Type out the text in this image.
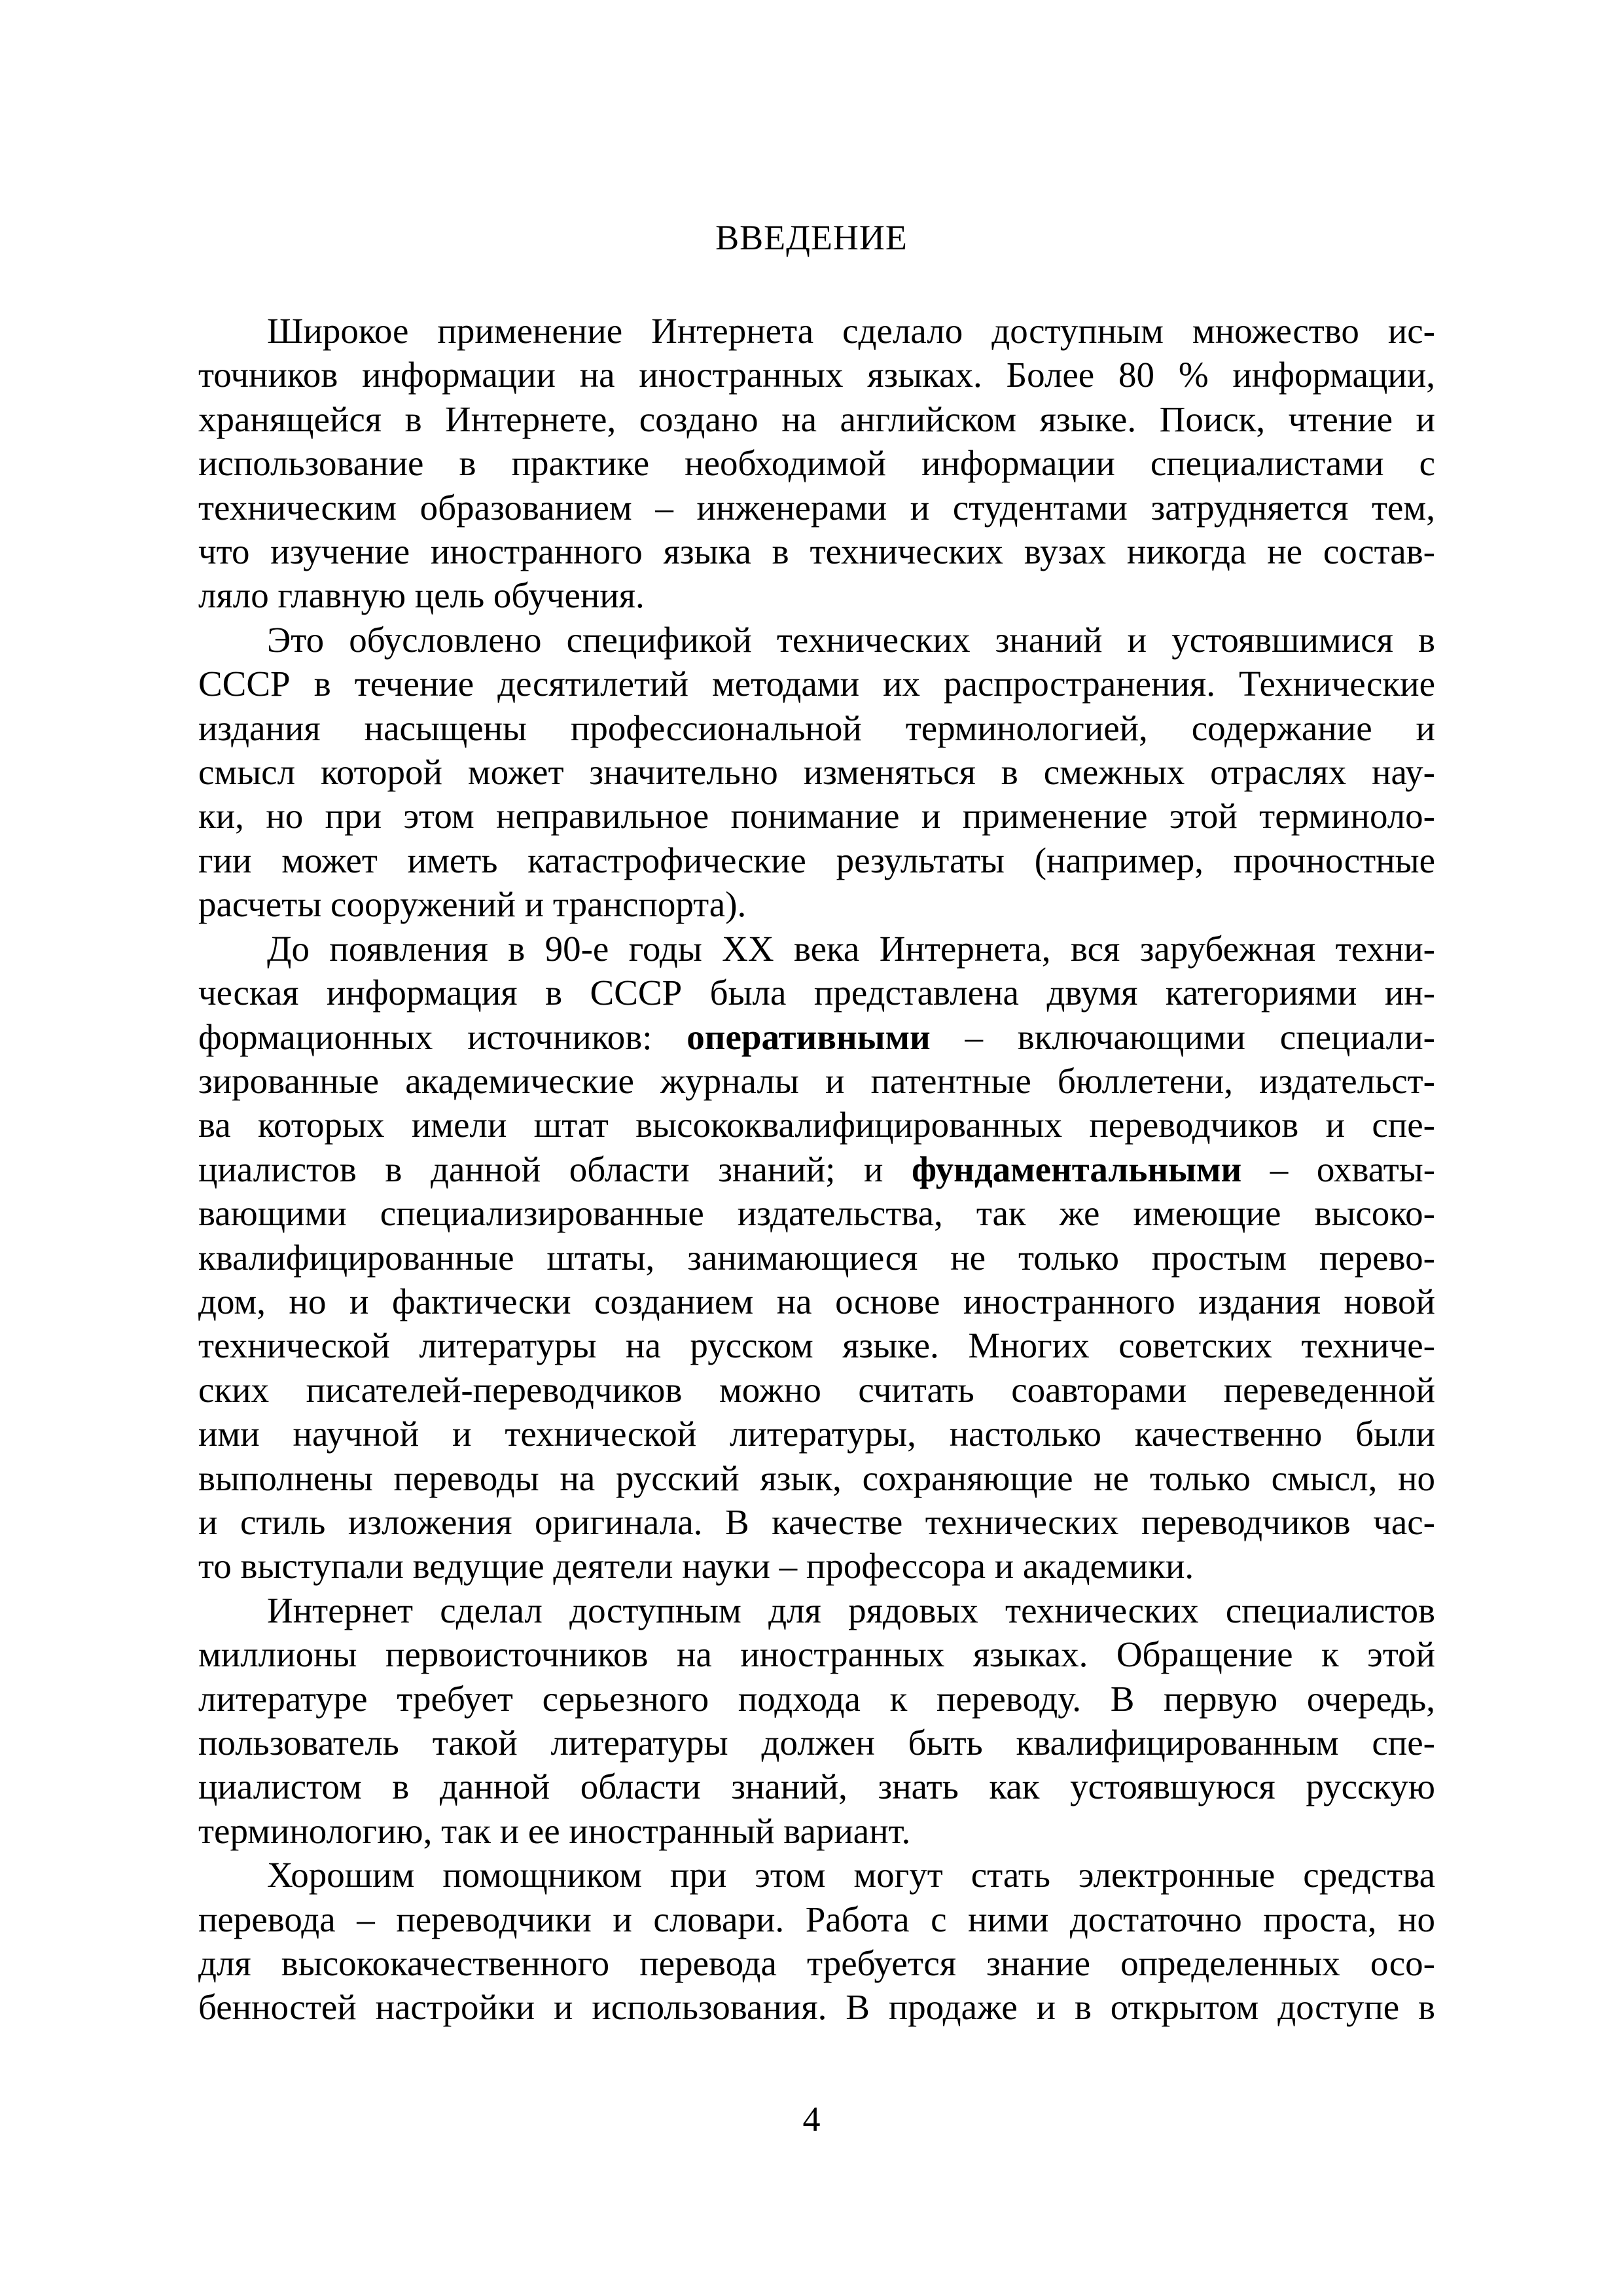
ВВЕДЕНИЕ
Широкое применение Интернета сделало доступным множество ис-
точников информации на иностранных языках. Более 80 % информации,
хранящейся в Интернете, создано на английском языке. Поиск, чтение и
использование в практике необходимой информации специалистами с
техническим образованием – инженерами и студентами затрудняется тем,
что изучение иностранного языка в технических вузах никогда не состав-
ляло главную цель обучения.
Это обусловлено спецификой технических знаний и устоявшимися в
СССР в течение десятилетий методами их распространения. Технические
издания насыщены профессиональной терминологией, содержание и
смысл которой может значительно изменяться в смежных отраслях нау-
ки, но при этом неправильное понимание и применение этой терминоло-
гии может иметь катастрофические результаты (например, прочностные
расчеты сооружений и транспорта).
До появления в 90-е годы XX века Интернета, вся зарубежная техни-
ческая информация в СССР была представлена двумя категориями ин-
формационных источников: оперативными – включающими специали-
зированные академические журналы и патентные бюллетени, издательст-
ва которых имели штат высококвалифицированных переводчиков и спе-
циалистов в данной области знаний; и фундаментальными – охваты-
вающими специализированные издательства, так же имеющие высоко-
квалифицированные штаты, занимающиеся не только простым перево-
дом, но и фактически созданием на основе иностранного издания новой
технической литературы на русском языке. Многих советских техниче-
ских писателей-переводчиков можно считать соавторами переведенной
ими научной и технической литературы, настолько качественно были
выполнены переводы на русский язык, сохраняющие не только смысл, но
и стиль изложения оригинала. В качестве технических переводчиков час-
то выступали ведущие деятели науки – профессора и академики.
Интернет сделал доступным для рядовых технических специалистов
миллионы первоисточников на иностранных языках. Обращение к этой
литературе требует серьезного подхода к переводу. В первую очередь,
пользователь такой литературы должен быть квалифицированным спе-
циалистом в данной области знаний, знать как устоявшуюся русскую
терминологию, так и ее иностранный вариант.
Хорошим помощником при этом могут стать электронные средства
перевода – переводчики и словари. Работа с ними достаточно проста, но
для высококачественного перевода требуется знание определенных осо-
бенностей настройки и использования. В продаже и в открытом доступе в
4
